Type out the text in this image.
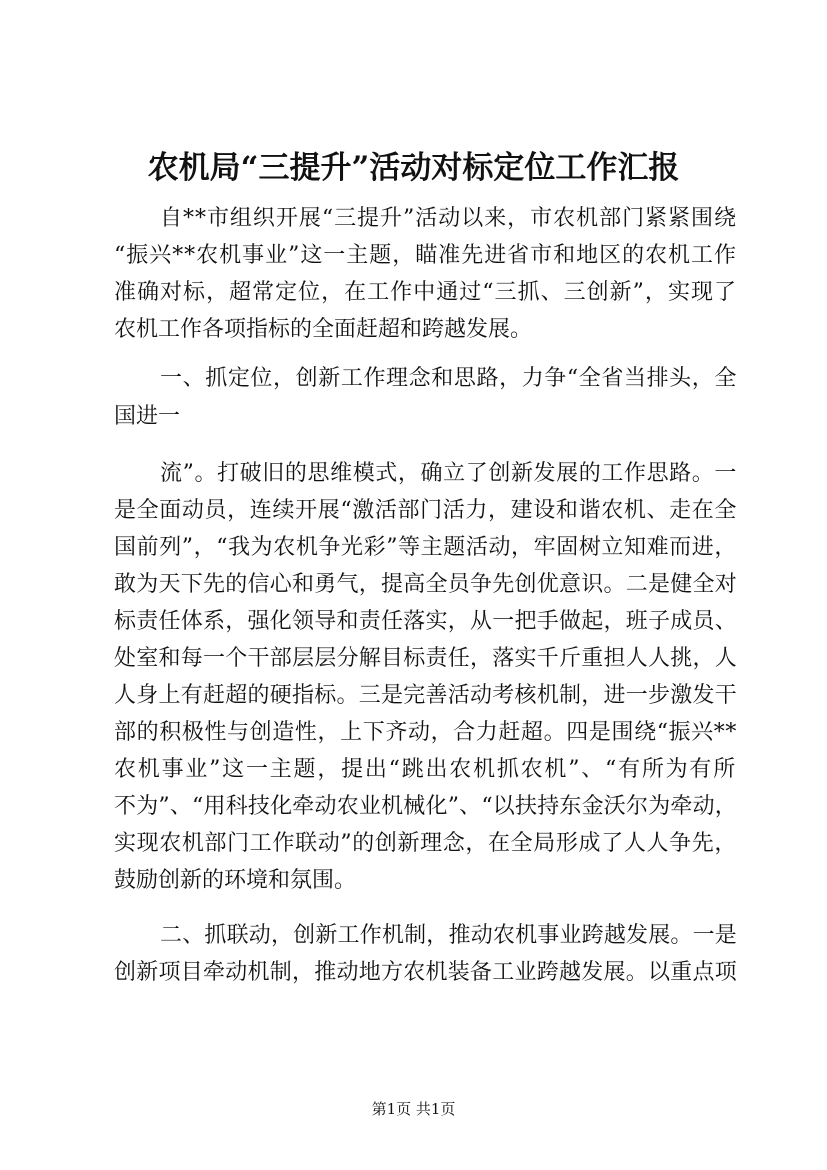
农机局“三提升”活动对标定位工作汇报
自**市组织开展“三提升”活动以来，市农机部门紧紧围绕
“振兴**农机事业”这一主题，瞄准先进省市和地区的农机工作
准确对标，超常定位，在工作中通过“三抓、三创新”，实现了
农机工作各项指标的全面赶超和跨越发展。
一、抓定位，创新工作理念和思路，力争“全省当排头，全
国进一
流”。打破旧的思维模式，确立了创新发展的工作思路。一
是全面动员，连续开展“激活部门活力，建设和谐农机、走在全
国前列”，“我为农机争光彩”等主题活动，牢固树立知难而进，
敢为天下先的信心和勇气，提高全员争先创优意识。二是健全对
标责任体系，强化领导和责任落实，从一把手做起，班子成员、
处室和每一个干部层层分解目标责任，落实千斤重担人人挑，人
人身上有赶超的硬指标。三是完善活动考核机制，进一步激发干
部的积极性与创造性，上下齐动，合力赶超。四是围绕“振兴**
农机事业”这一主题，提出“跳出农机抓农机”、“有所为有所
不为”、“用科技化牵动农业机械化”、“以扶持东金沃尔为牵动，
实现农机部门工作联动”的创新理念，在全局形成了人人争先，
鼓励创新的环境和氛围。
二、抓联动，创新工作机制，推动农机事业跨越发展。一是
创新项目牵动机制，推动地方农机装备工业跨越发展。以重点项
第1页 共1页
